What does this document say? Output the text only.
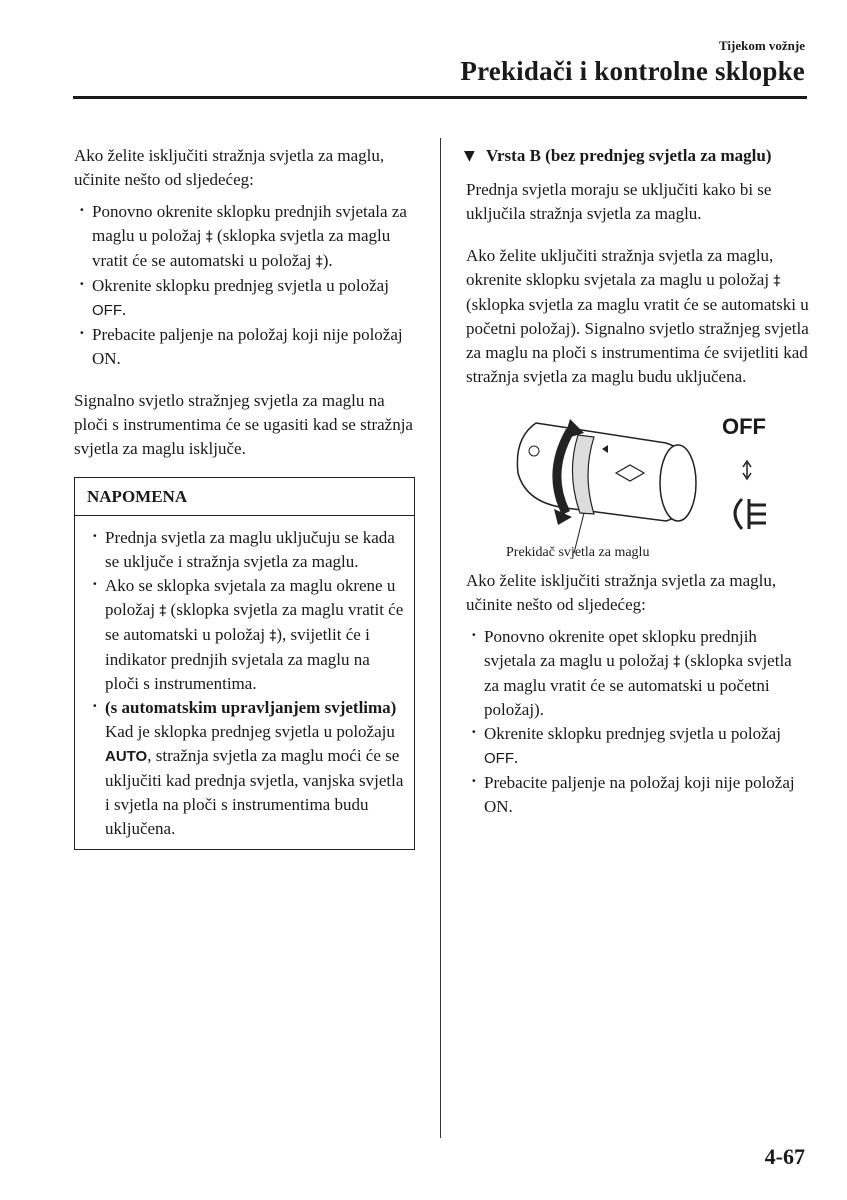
Tijekom vožnje
Prekidači i kontrolne sklopke

Ako želite isključiti stražnja svjetla za maglu, učinite nešto od sljedećeg:

· Ponovno okrenite sklopku prednjih svjetala za maglu u položaj ‡ (sklopka svjetla za maglu vratit će se automatski u položaj ‡).
· Okrenite sklopku prednjeg svjetla u položaj OFF.
· Prebacite paljenje na položaj koji nije položaj ON.

Signalno svjetlo stražnjeg svjetla za maglu na ploči s instrumentima će se ugasiti kad se stražnja svjetla za maglu isključe.

NAPOMENA
· Prednja svjetla za maglu uključuju se kada se uključe i stražnja svjetla za maglu.
· Ako se sklopka svjetala za maglu okrene u položaj ‡ (sklopka svjetla za maglu vratit će se automatski u položaj ‡), svijetlit će i indikator prednjih svjetala za maglu na ploči s instrumentima.
· (s automatskim upravljanjem svjetlima)
Kad je sklopka prednjeg svjetla u položaju AUTO, stražnja svjetla za maglu moći će se uključiti kad prednja svjetla, vanjska svjetla i svjetla na ploči s instrumentima budu uključena.
▼ Vrsta B (bez prednjeg svjetla za maglu)

Prednja svjetla moraju se uključiti kako bi se uključila stražnja svjetla za maglu.

Ako želite uključiti stražnja svjetla za maglu, okrenite sklopku svjetala za maglu u položaj ‡ (sklopka svjetla za maglu vratit će se automatski u početni položaj). Signalno svjetlo stražnjeg svjetla za maglu na ploči s instrumentima će svijetliti kad stražnja svjetla za maglu budu uključena.

OFF
Prekidač svjetla za maglu

Ako želite isključiti stražnja svjetla za maglu, učinite nešto od sljedećeg:

· Ponovno okrenite opet sklopku prednjih svjetala za maglu u položaj ‡ (sklopka svjetla za maglu vratit će se automatski u početni položaj).
· Okrenite sklopku prednjeg svjetla u položaj OFF.
· Prebacite paljenje na položaj koji nije položaj ON.
4-67
